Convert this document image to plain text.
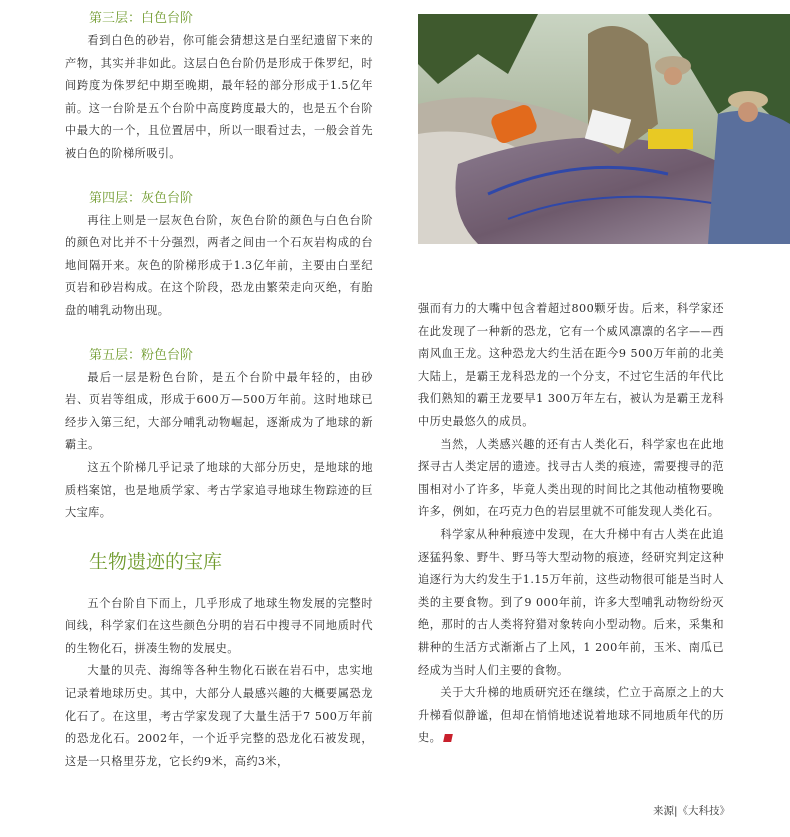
第三层：白色台阶

看到白色的砂岩，你可能会猜想这是白垩纪遗留下来的产物，其实并非如此。这层白色台阶仍是形成于侏罗纪，时间跨度为侏罗纪中期至晚期，最年轻的部分形成于1.5亿年前。这一台阶是五个台阶中高度跨度最大的，也是五个台阶中最大的一个，且位置居中，所以一眼看过去，一般会首先被白色的阶梯所吸引。

第四层：灰色台阶

再往上则是一层灰色台阶，灰色台阶的颜色与白色台阶的颜色对比并不十分强烈，两者之间由一个石灰岩构成的台地间隔开来。灰色的阶梯形成于1.3亿年前，主要由白垩纪页岩和砂岩构成。在这个阶段，恐龙由繁荣走向灭绝，有胎盘的哺乳动物出现。

第五层：粉色台阶

最后一层是粉色台阶，是五个台阶中最年轻的，由砂岩、页岩等组成，形成于600万—500万年前。这时地球已经步入第三纪，大部分哺乳动物崛起，逐渐成为了地球的新霸主。

这五个阶梯几乎记录了地球的大部分历史，是地球的地质档案馆，也是地质学家、考古学家追寻地球生物踪迹的巨大宝库。

生物遗迹的宝库

五个台阶自下而上，几乎形成了地球生物发展的完整时间线，科学家们在这些颜色分明的岩石中搜寻不同地质时代的生物化石，拼凑生物的发展史。

大量的贝壳、海绵等各种生物化石嵌在岩石中，忠实地记录着地球历史。其中，大部分人最感兴趣的大概要属恐龙化石了。在这里，考古学家发现了大量生活于7 500万年前的恐龙化石。2002年，一个近乎完整的恐龙化石被发现，这是一只格里芬龙，它长约9米，高约3米，

强而有力的大嘴中包含着超过800颗牙齿。后来，科学家还在此发现了一种新的恐龙，它有一个威风凛凛的名字——西南风血王龙。这种恐龙大约生活在距今9 500万年前的北美大陆上，是霸王龙科恐龙的一个分支，不过它生活的年代比我们熟知的霸王龙要早1 300万年左右，被认为是霸王龙科中历史最悠久的成员。

当然，人类感兴趣的还有古人类化石，科学家也在此地探寻古人类定居的遗迹。找寻古人类的痕迹，需要搜寻的范围相对小了许多，毕竟人类出现的时间比之其他动植物要晚许多，例如，在巧克力色的岩层里就不可能发现人类化石。

科学家从种种痕迹中发现，在大升梯中有古人类在此追逐猛犸象、野牛、野马等大型动物的痕迹，经研究判定这种追逐行为大约发生于1.15万年前，这些动物很可能是当时人类的主要食物。到了9 000年前，许多大型哺乳动物纷纷灭绝，那时的古人类将狩猎对象转向小型动物。后来，采集和耕种的生活方式渐渐占了上风，1 200年前，玉米、南瓜已经成为当时人们主要的食物。

关于大升梯的地质研究还在继续，伫立于高原之上的大升梯看似静谧，但却在悄悄地述说着地球不同地质年代的历史。

来源|《大科技》
